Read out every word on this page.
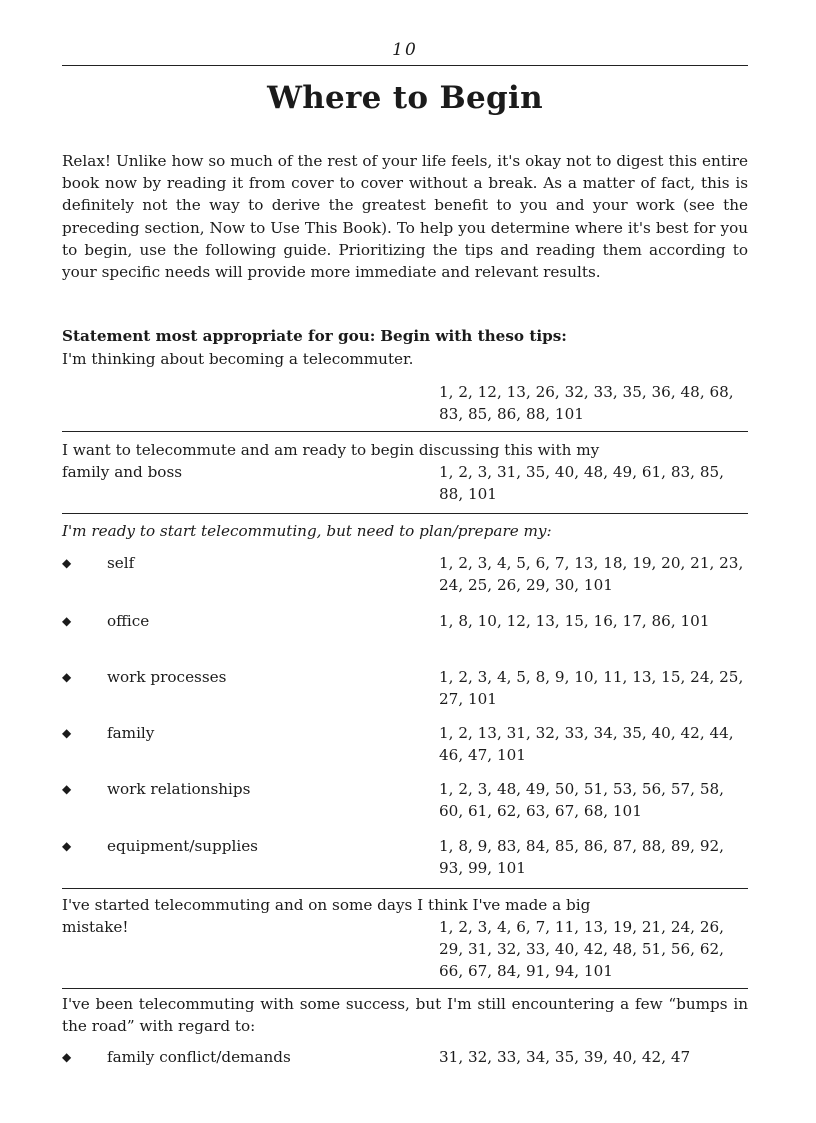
10
Where to Begin
Relax! Unlike how so much of the rest of your life feels, it's okay not to digest this entire book now by reading it from cover to cover without a break. As a matter of fact, this is definitely not the way to derive the greatest benefit to you and your work (see the preceding section, Now to Use This Book). To help you determine where it's best for you to begin, use the following guide. Prioritizing the tips and reading them according to your specific needs will provide more immediate and relevant results.
Statement most appropriate for gou: Begin with theso tips:
I'm thinking about becoming a telecommuter.
1, 2, 12, 13, 26, 32, 33, 35, 36, 48, 68, 83, 85, 86, 88, 101
I want to telecommute and am ready to begin discussing this with my
family and boss	1, 2, 3, 31, 35, 40, 48, 49, 61, 83, 85, 88, 101
I'm ready to start telecommuting, but need to plan/prepare my:
◆ self	1, 2, 3, 4, 5, 6, 7, 13, 18, 19, 20, 21, 23, 24, 25, 26, 29, 30, 101
◆ office	1, 8, 10, 12, 13, 15, 16, 17, 86, 101
◆ work processes	1, 2, 3, 4, 5, 8, 9, 10, 11, 13, 15, 24, 25, 27, 101
◆ family	1, 2, 13, 31, 32, 33, 34, 35, 40, 42, 44, 46, 47, 101
◆ work relationships	1, 2, 3, 48, 49, 50, 51, 53, 56, 57, 58, 60, 61, 62, 63, 67, 68, 101
◆ equipment/supplies	1, 8, 9, 83, 84, 85, 86, 87, 88, 89, 92, 93, 99, 101
I've started telecommuting and on some days I think I've made a big
mistake!	1, 2, 3, 4, 6, 7, 11, 13, 19, 21, 24, 26, 29, 31, 32, 33, 40, 42, 48, 51, 56, 62, 66, 67, 84, 91, 94, 101
I've been telecommuting with some success, but I'm still encountering a few “bumps in the road” with regard to:
◆ family conflict/demands	31, 32, 33, 34, 35, 39, 40, 42, 47
